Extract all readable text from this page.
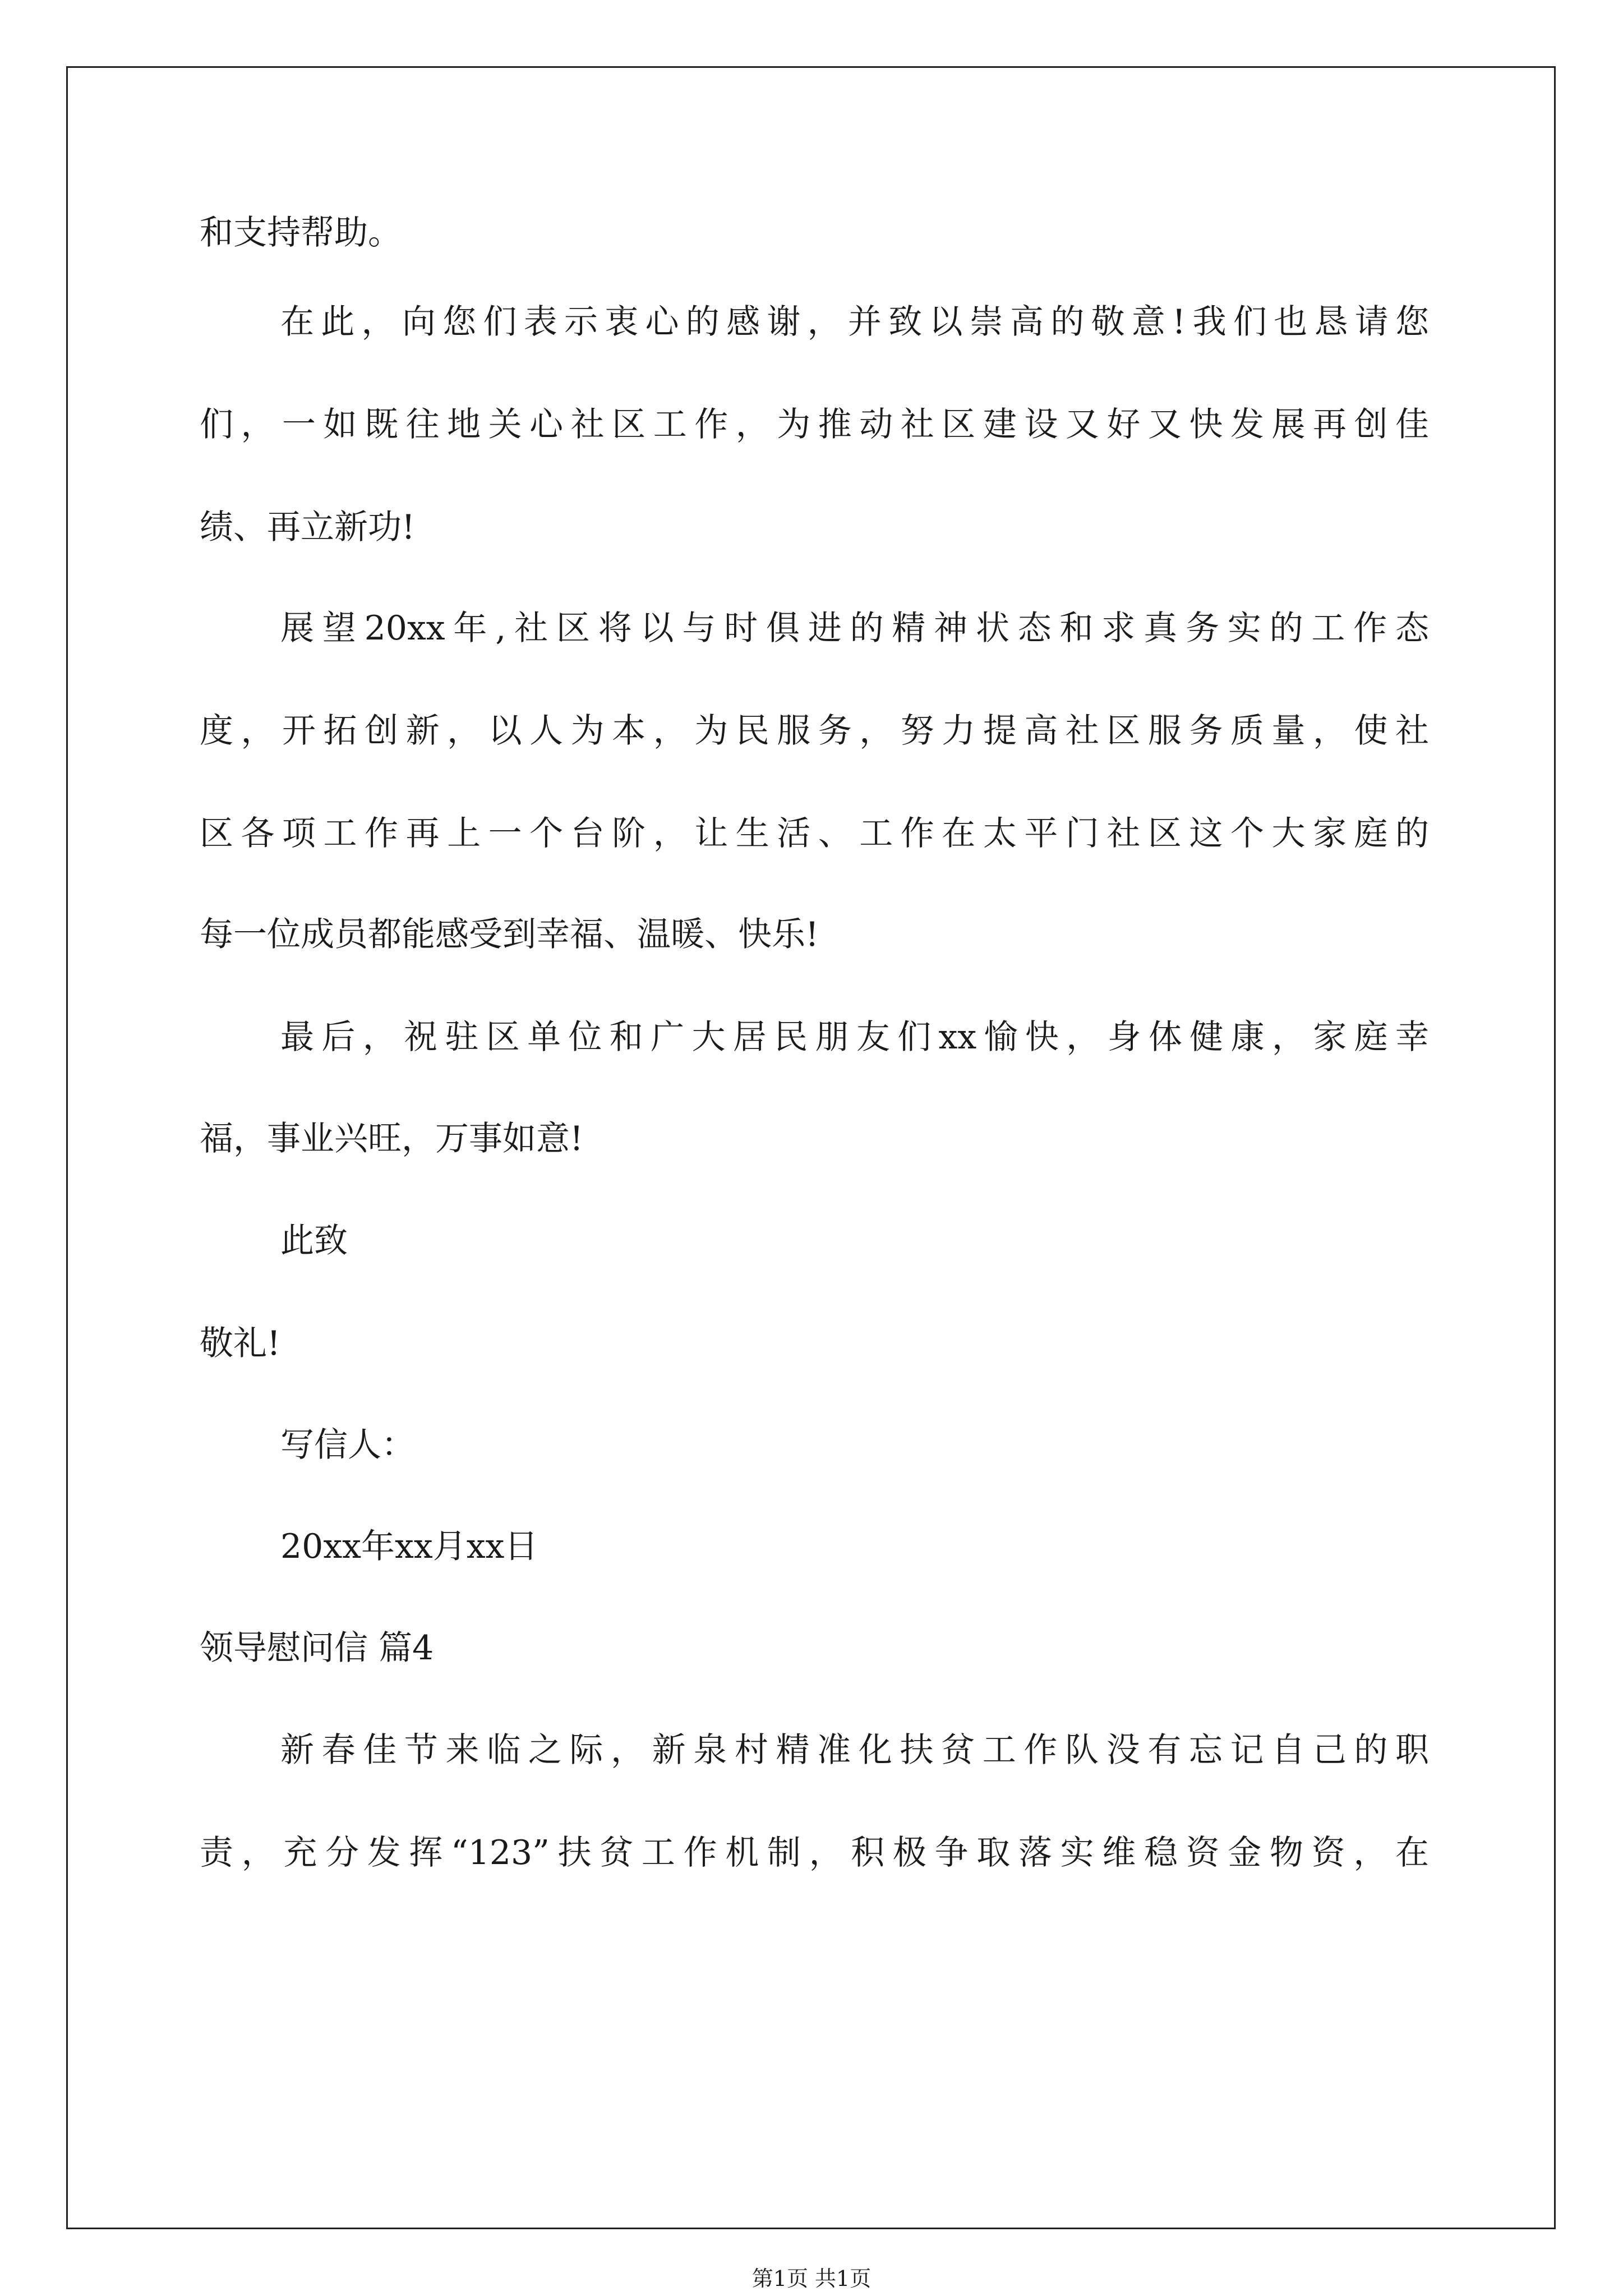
和支持帮助。
在此，向您们表示衷心的感谢，并致以崇高的敬意!我们也恳请您
们，一如既往地关心社区工作，为推动社区建设又好又快发展再创佳
绩、再立新功!
展望20xx年,社区将以与时俱进的精神状态和求真务实的工作态
度，开拓创新，以人为本，为民服务，努力提高社区服务质量，使社
区各项工作再上一个台阶，让生活、工作在太平门社区这个大家庭的
每一位成员都能感受到幸福、温暖、快乐!
最后，祝驻区单位和广大居民朋友们xx愉快，身体健康，家庭幸
福，事业兴旺，万事如意!
此致
敬礼!
写信人：
20xx年xx月xx日
领导慰问信 篇4
新春佳节来临之际，新泉村精准化扶贫工作队没有忘记自己的职
责，充分发挥“123”扶贫工作机制，积极争取落实维稳资金物资，在
第1页 共1页
